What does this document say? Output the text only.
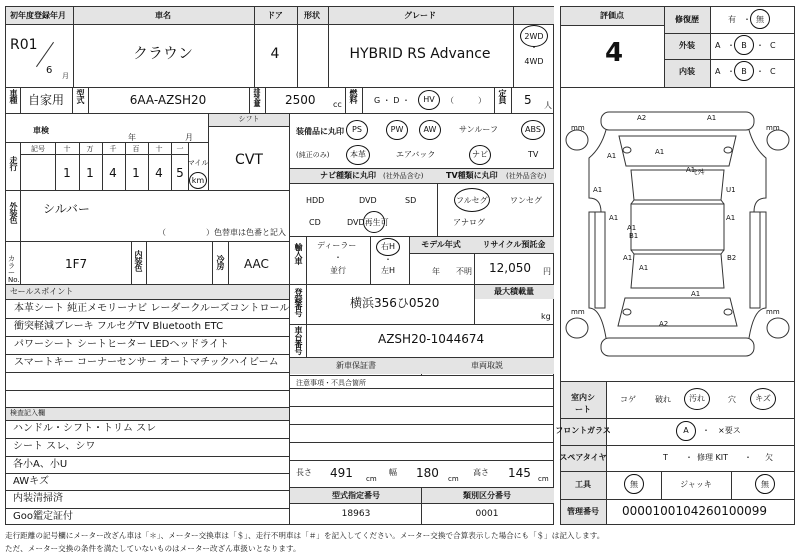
初年度登録年月
R01
6 月
車名
クラウン
ドア
4
形状	グレード
HYBRID RS Advance
2WD
・
4WD
車種 自家用 型式	6AA-AZSH20	排気量 2500 cc
燃料 G ・ D ・ HV （　　　） 定員 5 人
車検
年	月
シフト
CVT
走行
記号	十 万 千 百 十 一
1 1 4 1 4 5
マイル
km
外装色 シルバー
（　　　　　）色替車は色番と記入
カラーNo.
1F7	内装色	冷房 AAC
セールスポイント
本革シート 純正メモリーナビ レーダークルーズコントロール
衝突軽減ブレーキ フルセグTV Bluetooth ETC
パワーシート シートヒーター LEDヘッドライト
スマートキー コーナーセンサー オートマチックハイビーム
検査記入欄
ハンドル・シフト・トリム スレ
シート スレ、シワ
各小A、小U
AWキズ
内装清掃済
Goo鑑定証付
装備品に丸印
(純正のみ)
PS	PW	AW	サンルーフ	ABS
本革	エアバック	ナビ	TV
ナビ種類に丸印 (社外品含む)	TV種類に丸印 (社外品含む)
HDD	DVD	SD
CD	DVD再生可
フルセグ	ワンセグ
アナログ
輸入車 ディーラー
・
並行
右H
・
左H
モデル年式
年 不明
リサイクル預託金
12,050 円
登録番号	横浜356ひ0520
最大積載量
kg
車台番号	AZSH20-1044674
新車保証書	車両取説
注意事項・不具合箇所
長さ 491 cm
幅 180 cm
高さ 145 cm
型式指定番号	類別区分番号
18963	0001
評価点
4
修復歴	有 ・ 無
外装	A ・ B ・ C
内装	A ・ B ・ C
A2	A1
A1
A1
A1
A1	U1
A1	A1
A1
B1
B2
A2
A1
A1
A1
ﾋﾗｷ
mm	mm
mm	mm
室内シート
コゲ 破れ 汚れ	穴 キズ
フロントガラス	A ・ ×要ス
スペアタイヤ	T ・ 修理 KIT ・ 欠
工具	無	ジャッキ	無
管理番号 0000100104260100099
走行距離の記号欄にメーター改ざん車は「＊」、メーター交換車は「＄」、走行不明車は「＃」を記入してください。メーター交換で合算表示した場合にも「＄」は記入します。
ただ、メーター交換の条件を満たしていないものはメーター改ざん車扱いとなります。
